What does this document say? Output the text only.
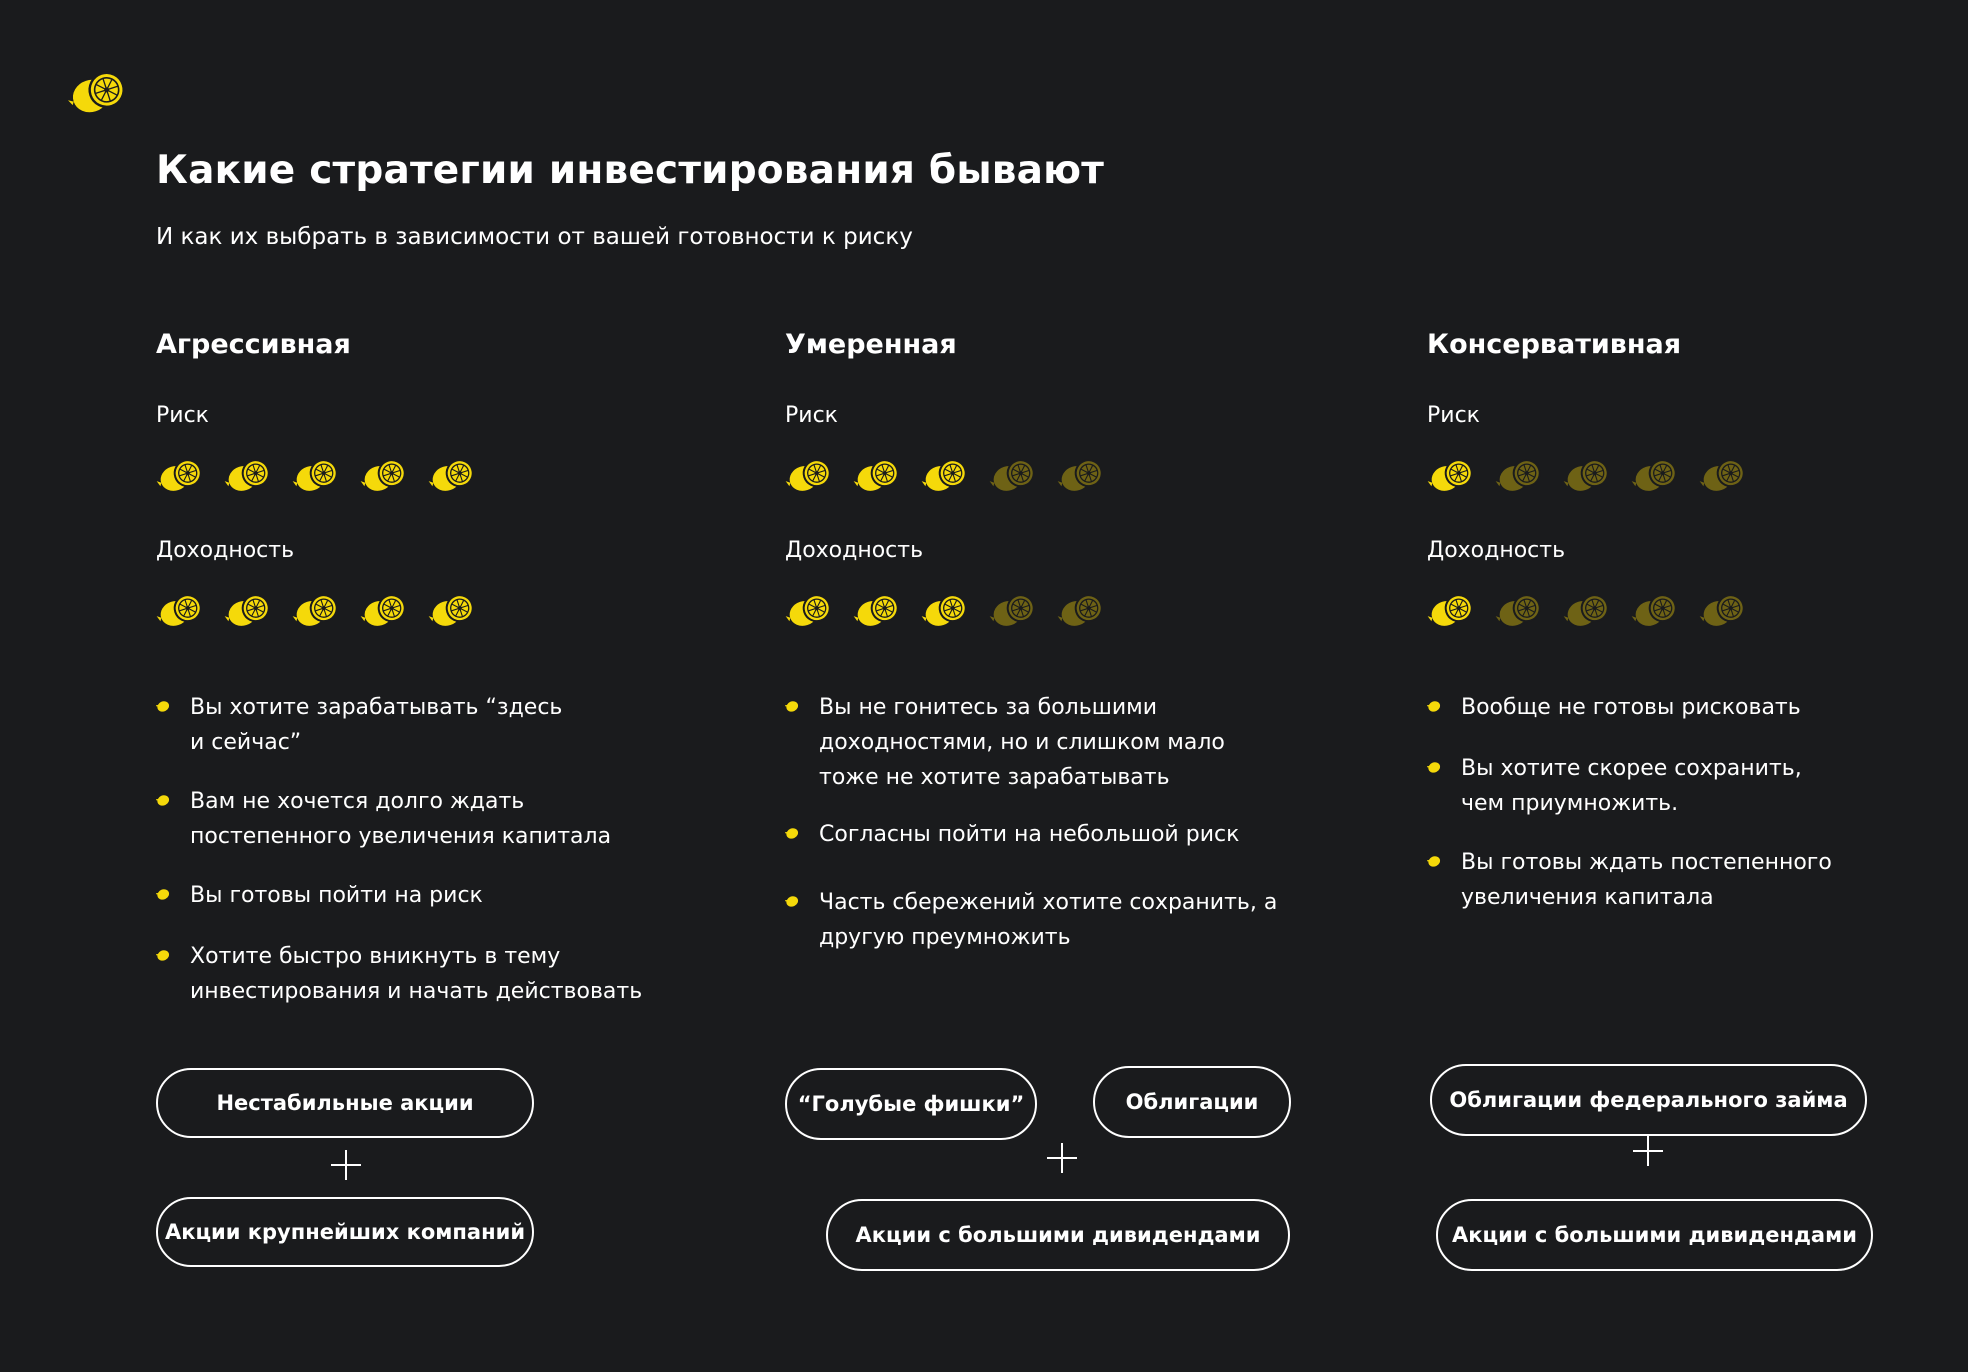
Какие стратегии инвестирования бывают

И как их выбрать в зависимости от вашей готовности к риску

Агрессивная
Риск
Доходность
Вы хотите зарабатывать “здесь
и сейчас”
Вам не хочется долго ждать
постепенного увеличения капитала
Вы готовы пойти на риск
Хотите быстро вникнуть в тему
инвестирования и начать действовать
Нестабильные акции
Акции крупнейших компаний
Умеренная
Риск
Доходность
Вы не гонитесь за большими
доходностями, но и слишком мало
тоже не хотите зарабатывать
Согласны пойти на небольшой риск
Часть сбережений хотите сохранить, а
другую преумножить
“Голубые фишки”	Облигации
Акции с большими дивидендами
Консервативная
Риск
Доходность
Вообще не готовы рисковать
Вы хотите скорее сохранить,
чем приумножить.
Вы готовы ждать постепенного
увеличения капитала
Облигации федерального займа
Акции с большими дивидендами
